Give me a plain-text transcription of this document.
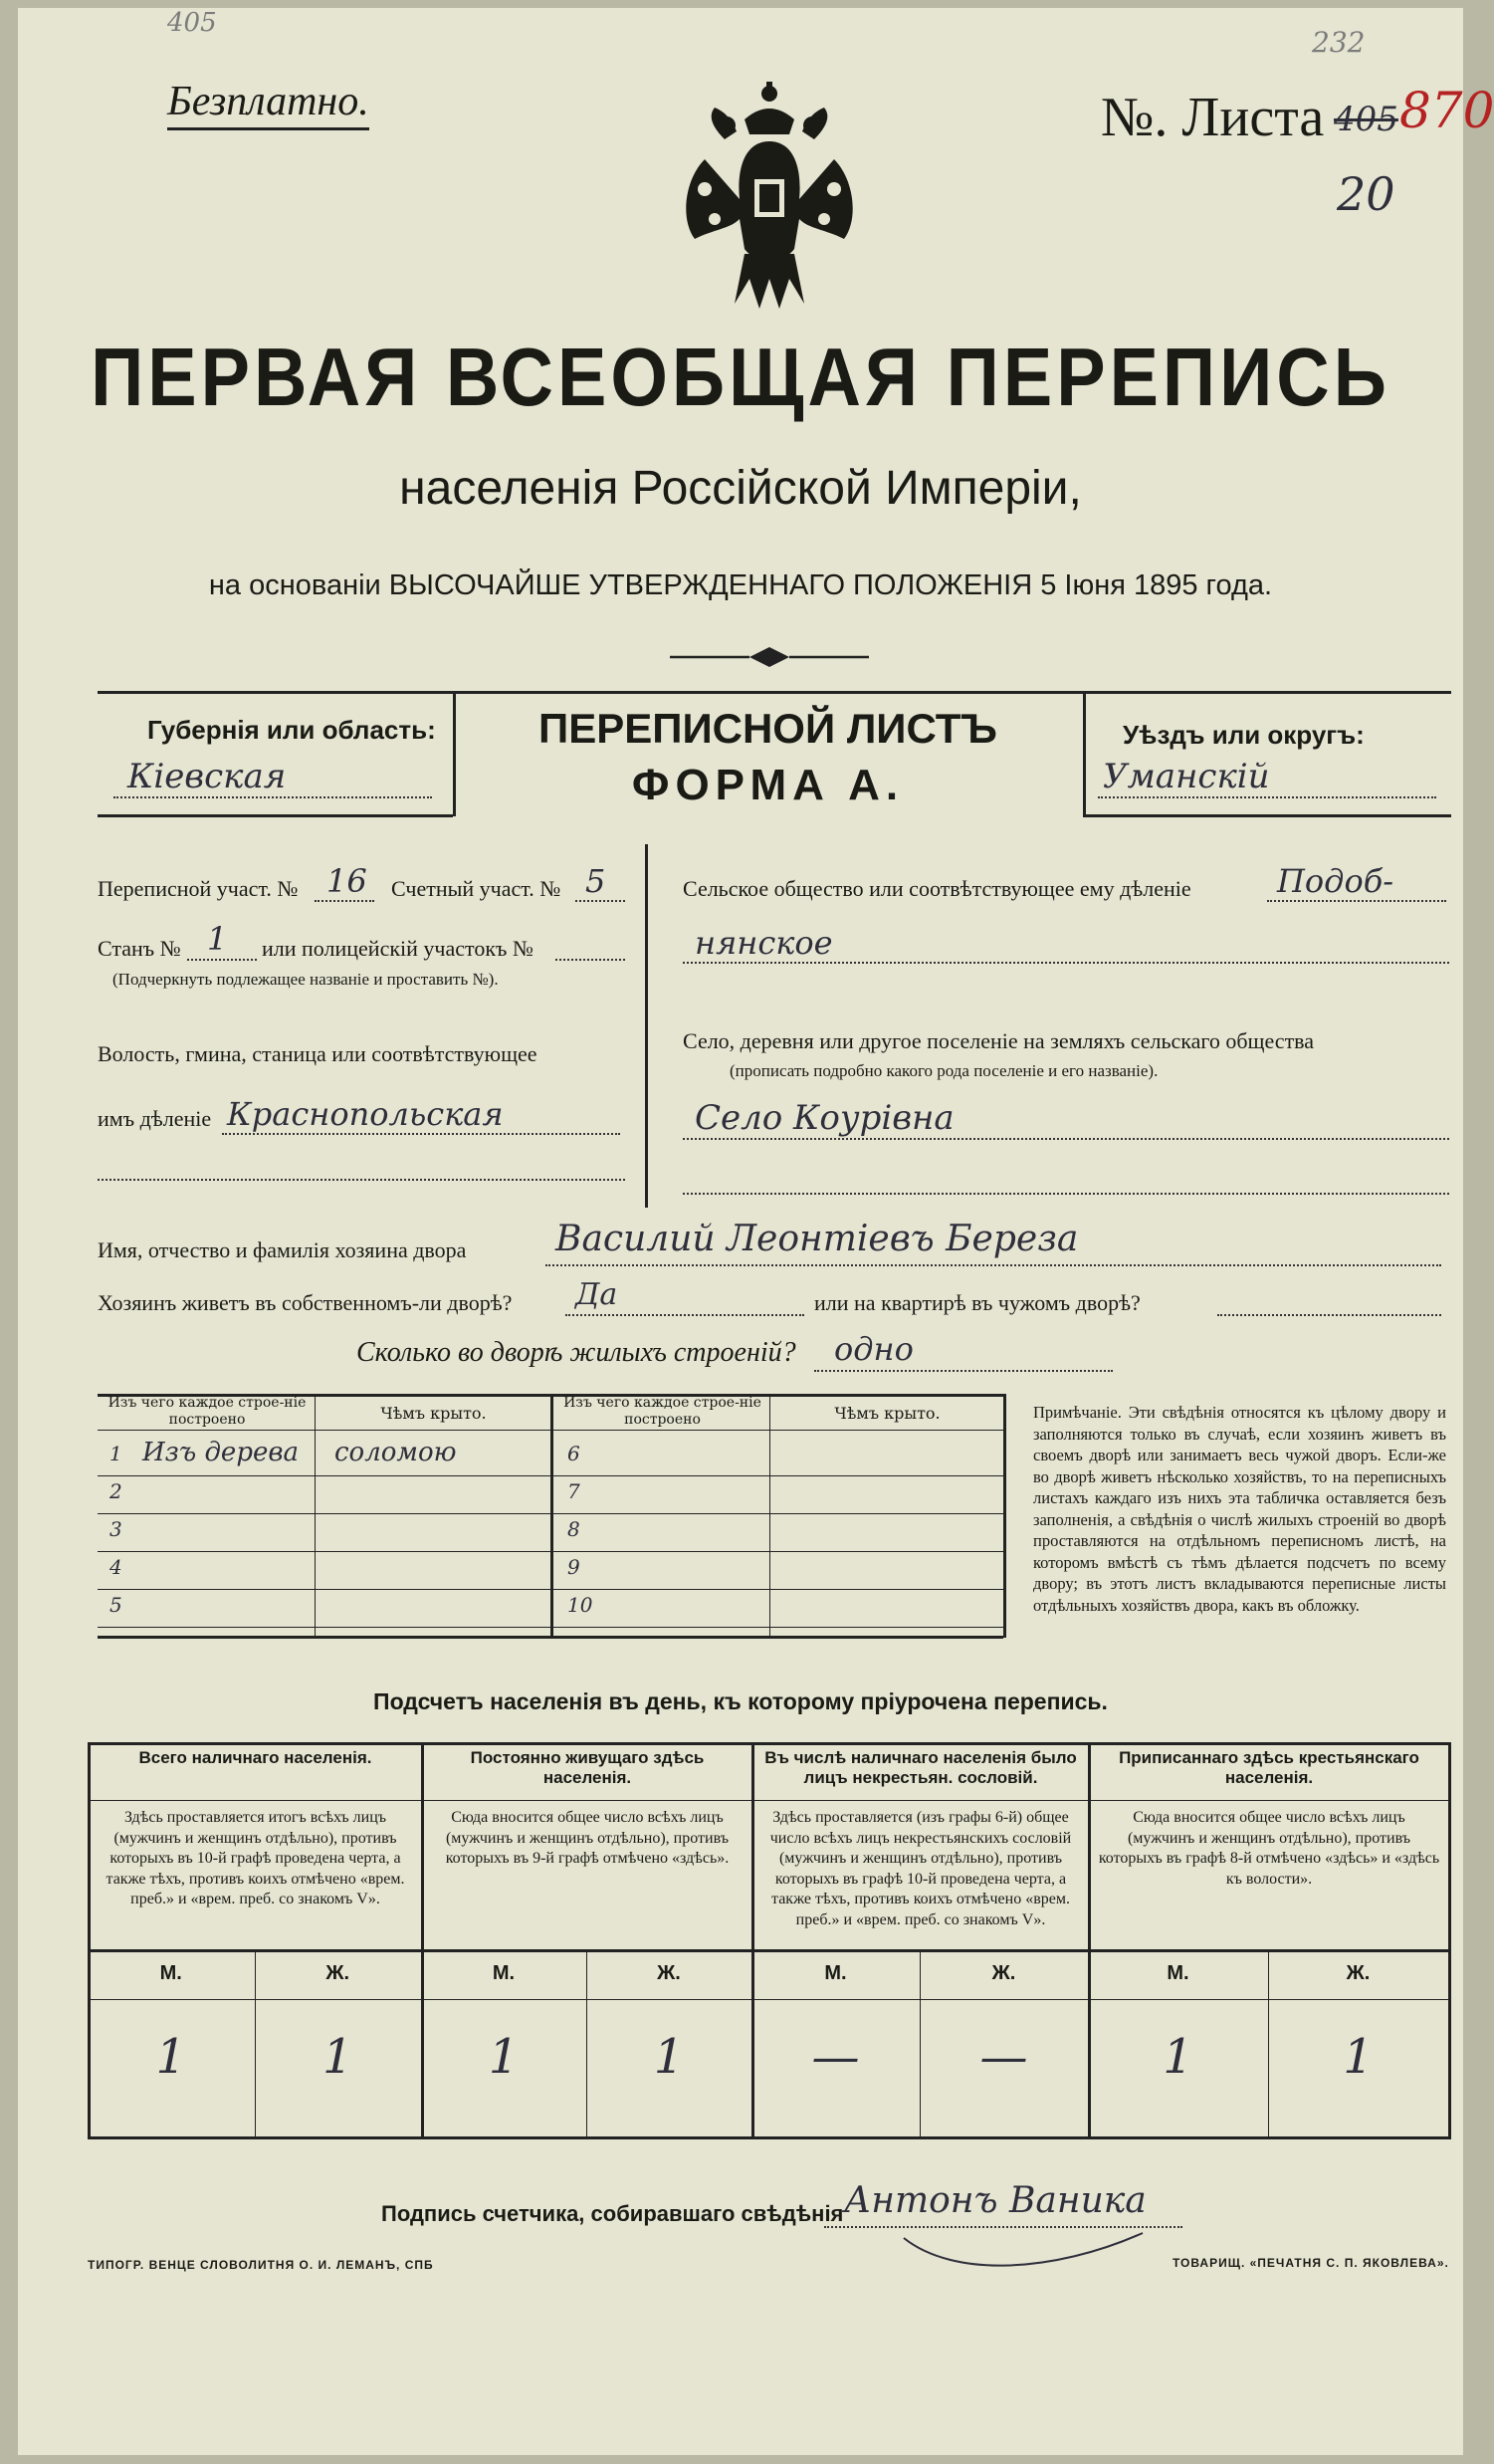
405
232
Безплатно.	№. Листа 405 870
20
ПЕРВАЯ ВСЕОБЩАЯ ПЕРЕПИСЬ
населенія Россійской Имперіи,
на основаніи ВЫСОЧАЙШЕ УТВЕРЖДЕННАГО ПОЛОЖЕНІЯ 5 Іюня 1895 года.
Губернія или область:
Кіевская
ПЕРЕПИСНОЙ ЛИСТЪ
ФОРМА А.
Уѣздъ или округъ:
Уманскій
Переписной участ. № 16 Счетный участ. № 5
Станъ № 1 или полицейскій участокъ №
(Подчеркнуть подлежащее названіе и проставить №).
Волость, гмина, станица или соотвѣтствующее
имъ дѣленіе Краснопольская
Сельское общество или соотвѣтствующее ему дѣленіе	Подоб-
нянское
Село, деревня или другое поселеніе на земляхъ сельскаго общества
(прописать подробно какого рода поселеніе и его названіе).
Село Коурівна
Имя, отчество и фамилія хозяина двора Василий Леонтiевъ Береза
Хозяинъ живетъ въ собственномъ-ли дворѣ? Да	или на квартирѣ въ чужомъ дворѣ?
Сколько во дворѣ жилыхъ строеній? одно
Изъ чего каждое строе-ніе построено	Чѣмъ крыто.
Изъ чего каждое строе-ніе построено	Чѣмъ крыто.
1 Изъ дерева соломою
2
3
4
5
6
7
8
9
10
Примѣчаніе. Эти свѣдѣнія относятся къ цѣлому двору и заполняются только въ случаѣ, если хозяинъ живетъ въ своемъ дворѣ или занимаетъ весь чужой дворъ. Если-же во дворѣ живетъ нѣсколько хозяйствъ, то на переписныхъ листахъ каждаго изъ нихъ эта табличка оставляется безъ заполненія, а свѣдѣнія о числѣ жилыхъ строеній во дворѣ проставляются на отдѣльномъ переписномъ листѣ, на которомъ вмѣстѣ съ тѣмъ дѣлается подсчетъ по всему двору; въ этотъ листъ вкладываются переписные листы отдѣльныхъ хозяйствъ двора, какъ въ обложку.
Подсчетъ населенія въ день, къ которому пріурочена перепись.
Всего наличнаго населенія.
Здѣсь проставляется итогъ всѣхъ лицъ (мужчинъ и женщинъ отдѣльно), противъ которыхъ въ 10-й графѣ проведена черта, а также тѣхъ, противъ коихъ отмѣчено «врем. преб.» и «врем. преб. со знакомъ V».
М.
1
Ж.
1
Постоянно живущаго здѣсь населенія.
Сюда вносится общее число всѣхъ лицъ (мужчинъ и женщинъ отдѣльно), противъ которыхъ въ 9-й графѣ отмѣчено «здѣсь».
М.
1
Ж.
1
Въ числѣ наличнаго населенія было лицъ некрестьян. сословій.
Здѣсь проставляется (изъ графы 6-й) общее число всѣхъ лицъ некрестьянскихъ сословій (мужчинъ и женщинъ отдѣльно), противъ которыхъ въ графѣ 10-й проведена черта, а также тѣхъ, противъ коихъ отмѣчено «врем. преб.» и «врем. преб. со знакомъ V».
М.
—
Ж.
—
Приписаннаго здѣсь крестьянскаго населенія.
Сюда вносится общее число всѣхъ лицъ (мужчинъ и женщинъ отдѣльно), противъ которыхъ въ графѣ 8-й отмѣчено «здѣсь» и «здѣсь къ волости».
М.
1
Ж.
1
Подпись счетчика, собиравшаго свѣдѣнія Антонъ Ваника
ТИПОГР. ВЕНЦЕ СЛОВОЛИТНЯ О. И. ЛЕМАНЪ, СПБ	ТОВАРИЩ. «ПЕЧАТНЯ С. П. ЯКОВЛЕВА».
